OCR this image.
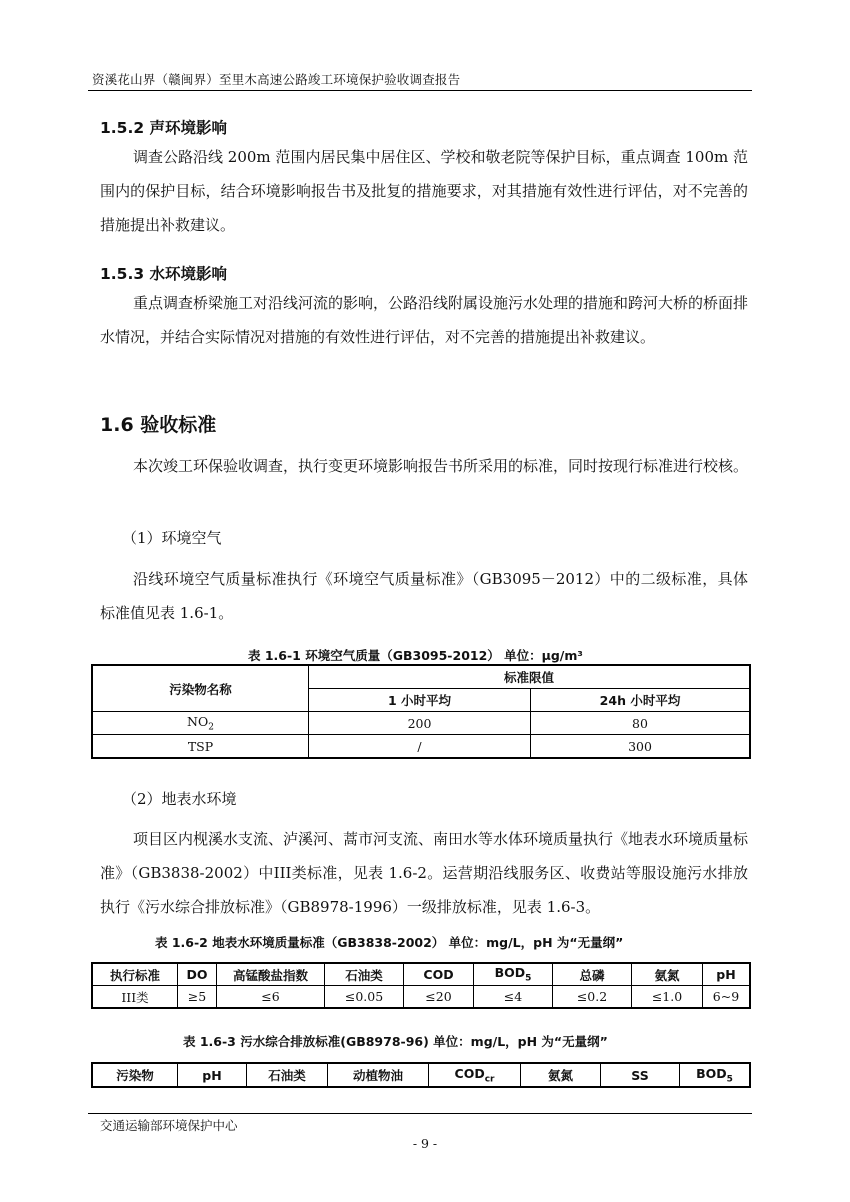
资溪花山界（赣闽界）至里木高速公路竣工环境保护验收调查报告
1.5.2 声环境影响

调查公路沿线 200m 范围内居民集中居住区、学校和敬老院等保护目标，重点调查 100m 范围内的保护目标，结合环境影响报告书及批复的措施要求，对其措施有效性进行评估，对不完善的措施提出补救建议。

1.5.3 水环境影响

重点调查桥梁施工对沿线河流的影响，公路沿线附属设施污水处理的措施和跨河大桥的桥面排水情况，并结合实际情况对措施的有效性进行评估，对不完善的措施提出补救建议。

1.6 验收标准

本次竣工环保验收调查，执行变更环境影响报告书所采用的标准，同时按现行标准进行校核。

（1）环境空气

沿线环境空气质量标准执行《环境空气质量标准》（GB3095－2012）中的二级标准，具体标准值见表 1.6-1。

表 1.6-1 环境空气质量（GB3095-2012） 单位：μg/m³
污染物名称	标准限值	
	1 小时平均	24h 小时平均
$NO_2$	200	80
TSP	/	300
（2）地表水环境

项目区内枧溪水支流、泸溪河、蒿市河支流、南田水等水体环境质量执行《地表水环境质量标准》（GB3838-2002）中III类标准，见表 1.6-2。运营期沿线服务区、收费站等服设施污水排放执行《污水综合排放标准》（GB8978-1996）一级排放标准，见表 1.6-3。

表 1.6-2 地表水环境质量标准（GB3838-2002） 单位：mg/L，pH 为“无量纲”
执行标准	DO	高锰酸盐指数	石油类	COD	$BOD_5$	总磷	氨氮	pH
III类	≥5	≤6	≤0.05	≤20	≤4	≤0.2	≤1.0	6~9
表 1.6-3 污水综合排放标准(GB8978-96) 单位：mg/L，pH 为“无量纲”
污染物	pH	石油类	动植物油	$COD_{cr}$	氨氮	SS	$BOD_5$
交通运输部环境保护中心
- 9 -
